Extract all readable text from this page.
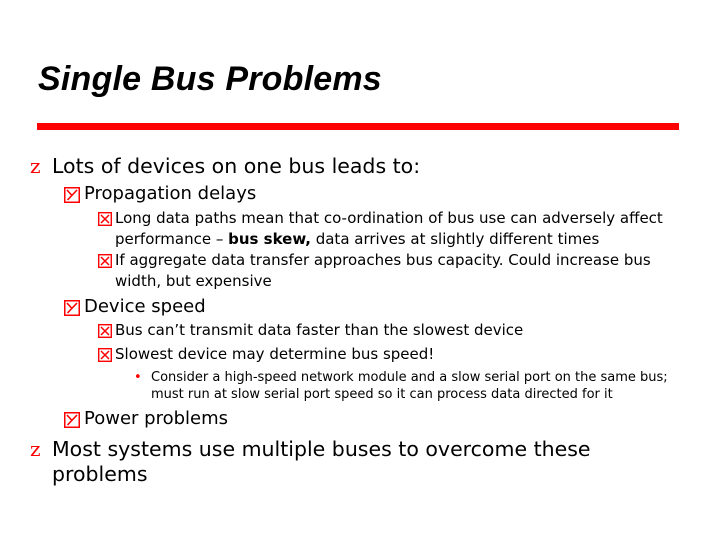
Single Bus Problems
z Lots of devices on one bus leads to:
Propagation delays
Long data paths mean that co-ordination of bus use can adversely affect performance – bus skew, data arrives at slightly different times
If aggregate data transfer approaches bus capacity. Could increase bus width, but expensive
Device speed
Bus can’t transmit data faster than the slowest device
Slowest device may determine bus speed!
• Consider a high-speed network module and a slow serial port on the same bus; must run at slow serial port speed so it can process data directed for it
Power problems
z Most systems use multiple buses to overcome these problems
